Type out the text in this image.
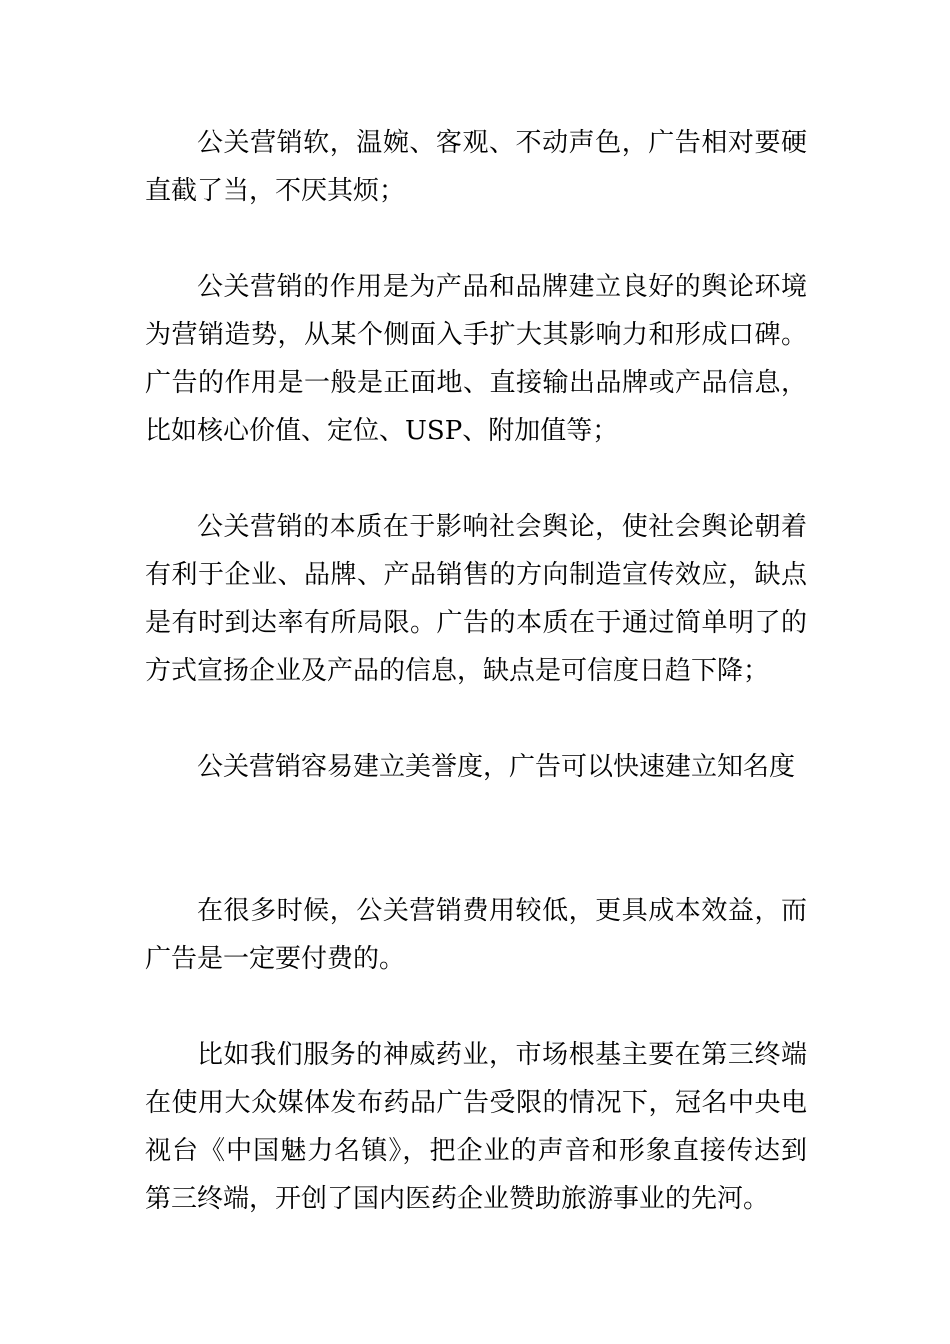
公关营销软，温婉、客观、不动声色，广告相对要硬直截了当，不厌其烦；

公关营销的作用是为产品和品牌建立良好的舆论环境为营销造势，从某个侧面入手扩大其影响力和形成口碑。广告的作用是一般是正面地、直接输出品牌或产品信息，比如核心价值、定位、USP、附加值等；

公关营销的本质在于影响社会舆论，使社会舆论朝着有利于企业、品牌、产品销售的方向制造宣传效应，缺点是有时到达率有所局限。广告的本质在于通过简单明了的方式宣扬企业及产品的信息，缺点是可信度日趋下降；

公关营销容易建立美誉度，广告可以快速建立知名度

在很多时候，公关营销费用较低，更具成本效益，而广告是一定要付费的。

比如我们服务的神威药业，市场根基主要在第三终端在使用大众媒体发布药品广告受限的情况下，冠名中央电视台《中国魅力名镇》，把企业的声音和形象直接传达到第三终端，开创了国内医药企业赞助旅游事业的先河。
